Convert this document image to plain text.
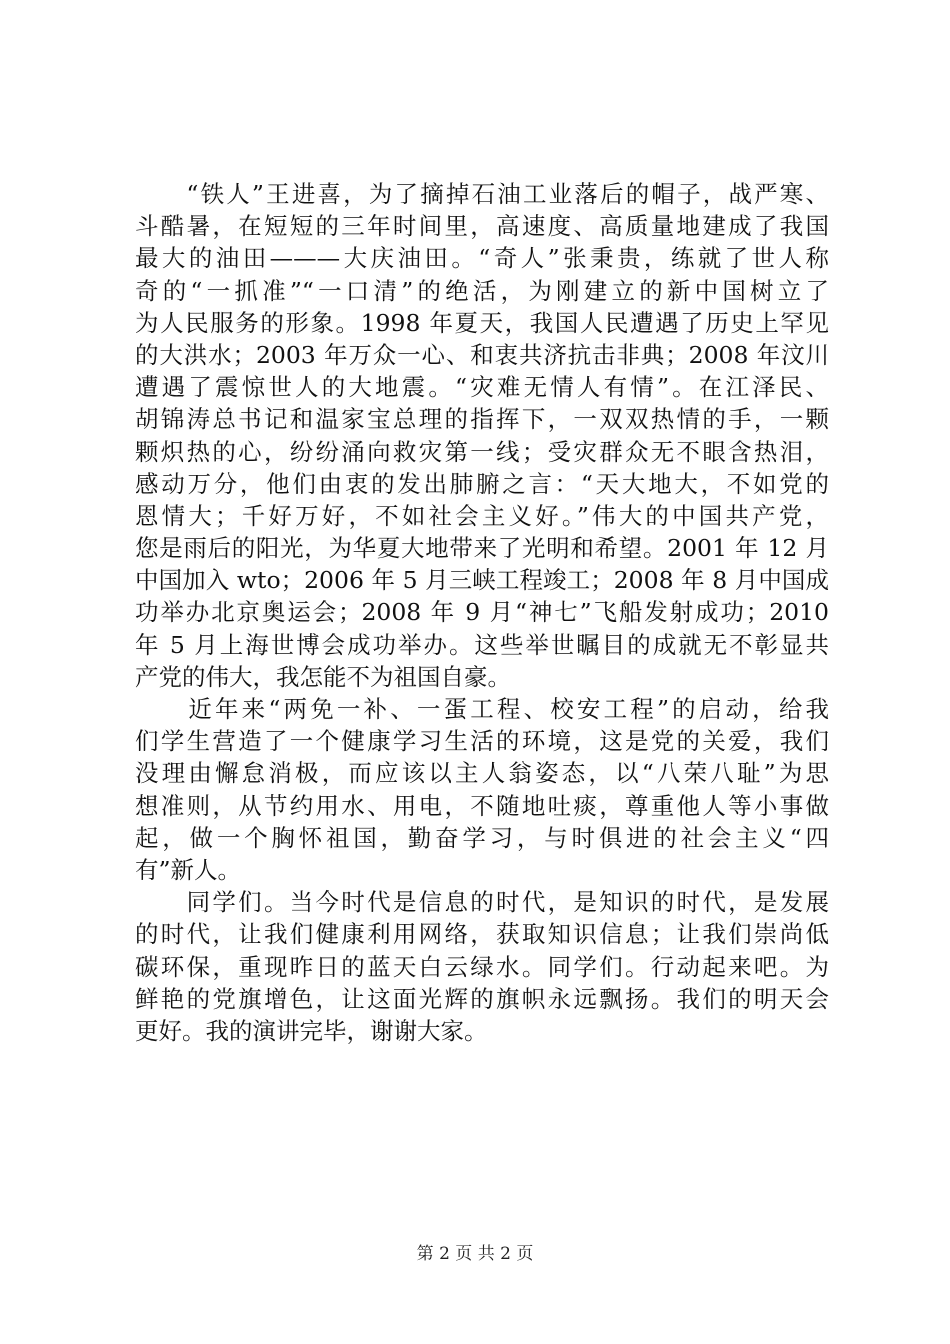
　　“铁人”王进喜，为了摘掉石油工业落后的帽子，战严寒、
斗酷暑，在短短的三年时间里，高速度、高质量地建成了我国
最大的油田———大庆油田。“奇人”张秉贵，练就了世人称
奇的“一抓准”“一口清”的绝活，为刚建立的新中国树立了
为人民服务的形象。1998 年夏天，我国人民遭遇了历史上罕见
的大洪水；2003 年万众一心、和衷共济抗击非典；2008 年汶川
遭遇了震惊世人的大地震。“灾难无情人有情”。在江泽民、
胡锦涛总书记和温家宝总理的指挥下，一双双热情的手，一颗
颗炽热的心，纷纷涌向救灾第一线；受灾群众无不眼含热泪，
感动万分，他们由衷的发出肺腑之言：“天大地大，不如党的
恩情大；千好万好，不如社会主义好。”伟大的中国共产党，
您是雨后的阳光，为华夏大地带来了光明和希望。2001 年 12 月
中国加入 wto；2006 年 5 月三峡工程竣工；2008 年 8 月中国成
功举办北京奥运会；2008 年 9 月“神七”飞船发射成功；2010
年 5 月上海世博会成功举办。这些举世瞩目的成就无不彰显共
产党的伟大，我怎能不为祖国自豪。
　　近年来“两免一补、一蛋工程、校安工程”的启动，给我
们学生营造了一个健康学习生活的环境，这是党的关爱，我们
没理由懈怠消极，而应该以主人翁姿态，以“八荣八耻”为思
想准则，从节约用水、用电，不随地吐痰，尊重他人等小事做
起，做一个胸怀祖国，勤奋学习，与时俱进的社会主义“四
有”新人。
　　同学们。当今时代是信息的时代，是知识的时代，是发展
的时代，让我们健康利用网络，获取知识信息；让我们崇尚低
碳环保，重现昨日的蓝天白云绿水。同学们。行动起来吧。为
鲜艳的党旗增色，让这面光辉的旗帜永远飘扬。我们的明天会
更好。我的演讲完毕，谢谢大家。
第 2 页 共 2 页
